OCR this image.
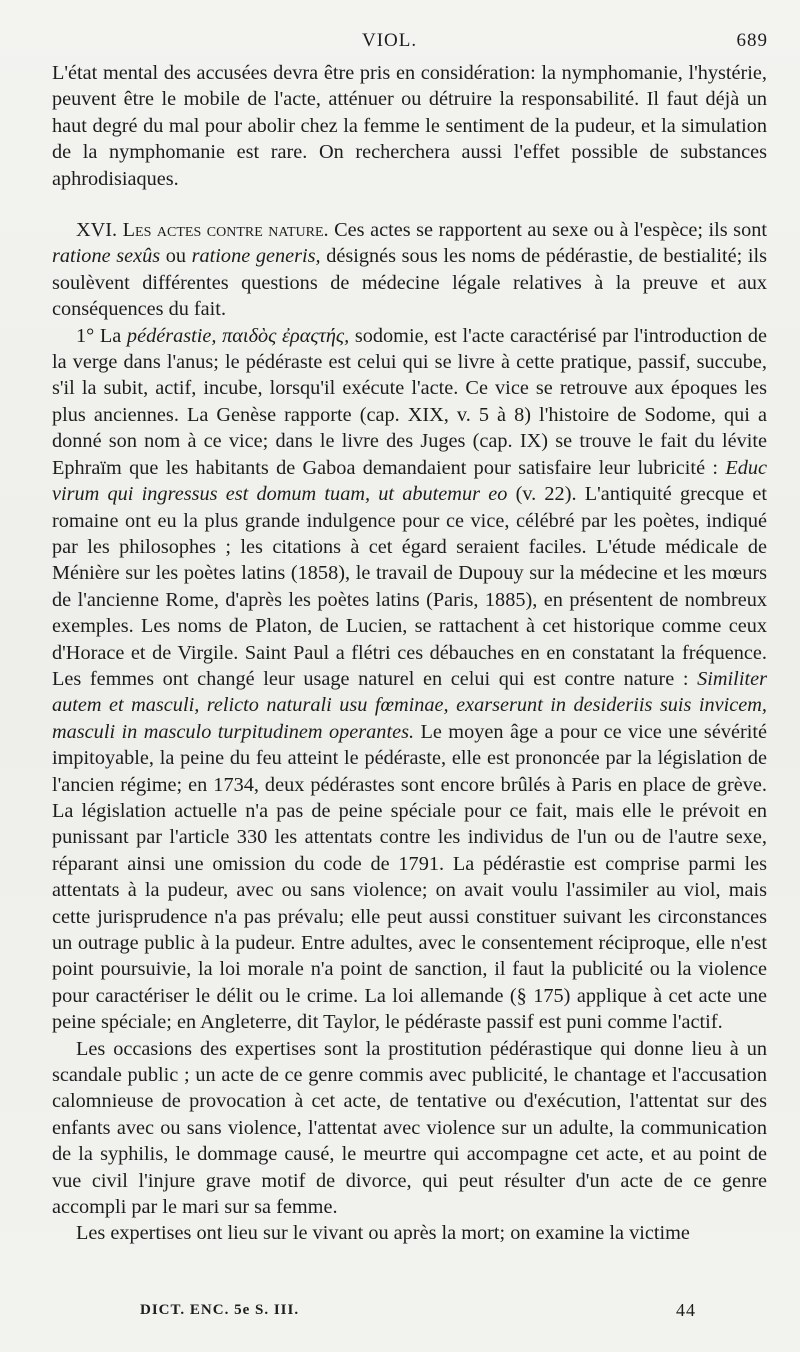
VIOL.	689

L'état mental des accusées devra être pris en considération: la nymphomanie, l'hystérie, peuvent être le mobile de l'acte, atténuer ou détruire la responsabilité. Il faut déjà un haut degré du mal pour abolir chez la femme le sentiment de la pudeur, et la simulation de la nymphomanie est rare. On recherchera aussi l'effet possible de substances aphrodisiaques.

XVI. Les actes contre nature. Ces actes se rapportent au sexe ou à l'espèce; ils sont ratione sexûs ou ratione generis, désignés sous les noms de pédérastie, de bestialité; ils soulèvent différentes questions de médecine légale relatives à la preuve et aux conséquences du fait.

1° La pédérastie, παιδὸς ἐραςτής, sodomie, est l'acte caractérisé par l'introduction de la verge dans l'anus; le pédéraste est celui qui se livre à cette pratique, passif, succube, s'il la subit, actif, incube, lorsqu'il exécute l'acte. Ce vice se retrouve aux époques les plus anciennes. La Genèse rapporte (cap. XIX, v. 5 à 8) l'histoire de Sodome, qui a donné son nom à ce vice; dans le livre des Juges (cap. IX) se trouve le fait du lévite Ephraïm que les habitants de Gaboa demandaient pour satisfaire leur lubricité : Educ virum qui ingressus est domum tuam, ut abutemur eo (v. 22). L'antiquité grecque et romaine ont eu la plus grande indulgence pour ce vice, célébré par les poètes, indiqué par les philosophes ; les citations à cet égard seraient faciles. L'étude médicale de Ménière sur les poètes latins (1858), le travail de Dupouy sur la médecine et les mœurs de l'ancienne Rome, d'après les poètes latins (Paris, 1885), en présentent de nombreux exemples. Les noms de Platon, de Lucien, se rattachent à cet historique comme ceux d'Horace et de Virgile. Saint Paul a flétri ces débauches en en constatant la fréquence. Les femmes ont changé leur usage naturel en celui qui est contre nature : Similiter autem et masculi, relicto naturali usu fœminae, exarserunt in desideriis suis invicem, masculi in masculo turpitudinem operantes. Le moyen âge a pour ce vice une sévérité impitoyable, la peine du feu atteint le pédéraste, elle est prononcée par la législation de l'ancien régime; en 1734, deux pédérastes sont encore brûlés à Paris en place de grève. La législation actuelle n'a pas de peine spéciale pour ce fait, mais elle le prévoit en punissant par l'article 330 les attentats contre les individus de l'un ou de l'autre sexe, réparant ainsi une omission du code de 1791. La pédérastie est comprise parmi les attentats à la pudeur, avec ou sans violence; on avait voulu l'assimiler au viol, mais cette jurisprudence n'a pas prévalu; elle peut aussi constituer suivant les circonstances un outrage public à la pudeur. Entre adultes, avec le consentement réciproque, elle n'est point poursuivie, la loi morale n'a point de sanction, il faut la publicité ou la violence pour caractériser le délit ou le crime. La loi allemande (§ 175) applique à cet acte une peine spéciale; en Angleterre, dit Taylor, le pédéraste passif est puni comme l'actif.

Les occasions des expertises sont la prostitution pédérastique qui donne lieu à un scandale public ; un acte de ce genre commis avec publicité, le chantage et l'accusation calomnieuse de provocation à cet acte, de tentative ou d'exécution, l'attentat sur des enfants avec ou sans violence, l'attentat avec violence sur un adulte, la communication de la syphilis, le dommage causé, le meurtre qui accompagne cet acte, et au point de vue civil l'injure grave motif de divorce, qui peut résulter d'un acte de ce genre accompli par le mari sur sa femme.

Les expertises ont lieu sur le vivant ou après la mort; on examine la victime

DICT. ENC. 5e S. III.	44
